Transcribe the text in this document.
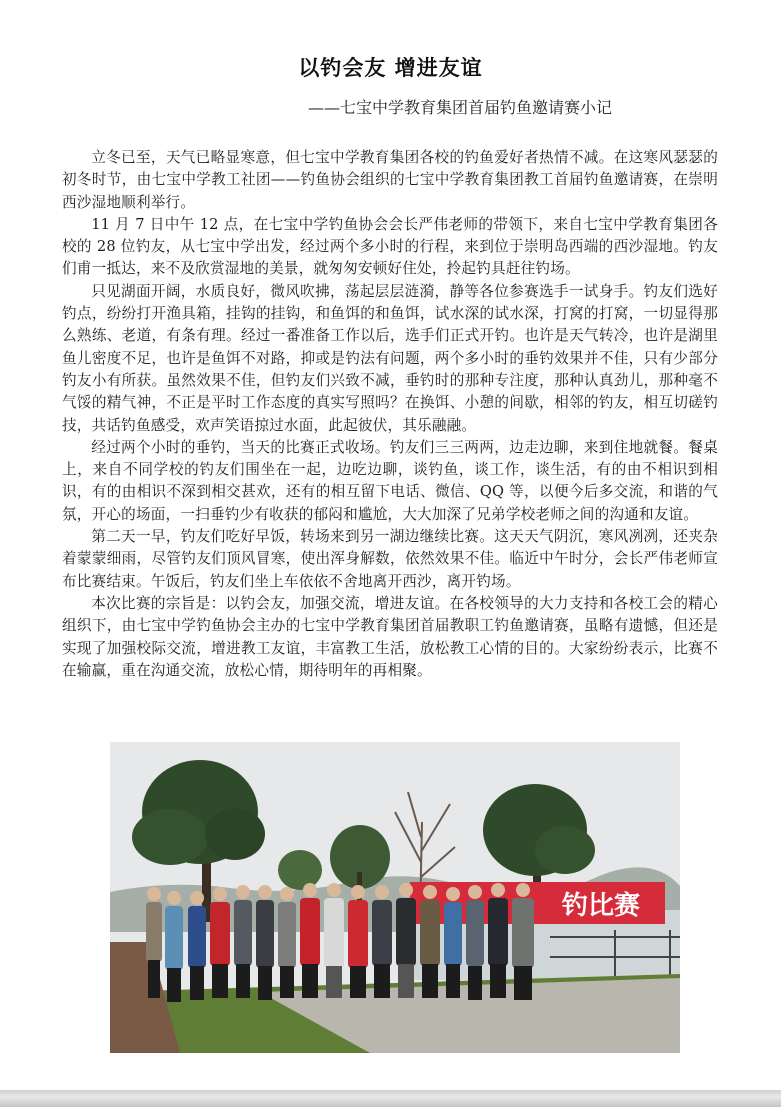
以钓会友 增进友谊
——七宝中学教育集团首届钓鱼邀请赛小记

立冬已至，天气已略显寒意，但七宝中学教育集团各校的钓鱼爱好者热情不减。在这寒风瑟瑟的初冬时节，由七宝中学教工社团——钓鱼协会组织的七宝中学教育集团教工首届钓鱼邀请赛，在崇明西沙湿地顺利举行。

11 月 7 日中午 12 点，在七宝中学钓鱼协会会长严伟老师的带领下，来自七宝中学教育集团各校的 28 位钓友，从七宝中学出发，经过两个多小时的行程，来到位于崇明岛西端的西沙湿地。钓友们甫一抵达，来不及欣赏湿地的美景，就匆匆安顿好住处，拎起钓具赶往钓场。

只见湖面开阔，水质良好，微风吹拂，荡起层层涟漪，静等各位参赛选手一试身手。钓友们选好钓点，纷纷打开渔具箱，挂钩的挂钩，和鱼饵的和鱼饵，试水深的试水深，打窝的打窝，一切显得那么熟练、老道，有条有理。经过一番准备工作以后，选手们正式开钓。也许是天气转冷，也许是湖里鱼儿密度不足，也许是鱼饵不对路，抑或是钓法有问题，两个多小时的垂钓效果并不佳，只有少部分钓友小有所获。虽然效果不佳，但钓友们兴致不减，垂钓时的那种专注度，那种认真劲儿，那种毫不气馁的精气神，不正是平时工作态度的真实写照吗？在换饵、小憩的间歇，相邻的钓友，相互切磋钓技，共话钓鱼感受，欢声笑语掠过水面，此起彼伏，其乐融融。

经过两个小时的垂钓，当天的比赛正式收场。钓友们三三两两，边走边聊，来到住地就餐。餐桌上，来自不同学校的钓友们围坐在一起，边吃边聊，谈钓鱼，谈工作，谈生活，有的由不相识到相识，有的由相识不深到相交甚欢，还有的相互留下电话、微信、QQ 等，以便今后多交流，和谐的气氛，开心的场面，一扫垂钓少有收获的郁闷和尴尬，大大加深了兄弟学校老师之间的沟通和友谊。

第二天一早，钓友们吃好早饭，转场来到另一湖边继续比赛。这天天气阴沉，寒风冽冽，还夹杂着蒙蒙细雨，尽管钓友们顶风冒寒，使出浑身解数，依然效果不佳。临近中午时分，会长严伟老师宣布比赛结束。午饭后，钓友们坐上车依依不舍地离开西沙，离开钓场。

本次比赛的宗旨是：以钓会友，加强交流，增进友谊。在各校领导的大力支持和各校工会的精心组织下，由七宝中学钓鱼协会主办的七宝中学教育集团首届教职工钓鱼邀请赛，虽略有遗憾，但还是实现了加强校际交流，增进教工友谊，丰富教工生活，放松教工心情的目的。大家纷纷表示，比赛不在输赢，重在沟通交流，放松心情，期待明年的再相聚。

钓比赛
